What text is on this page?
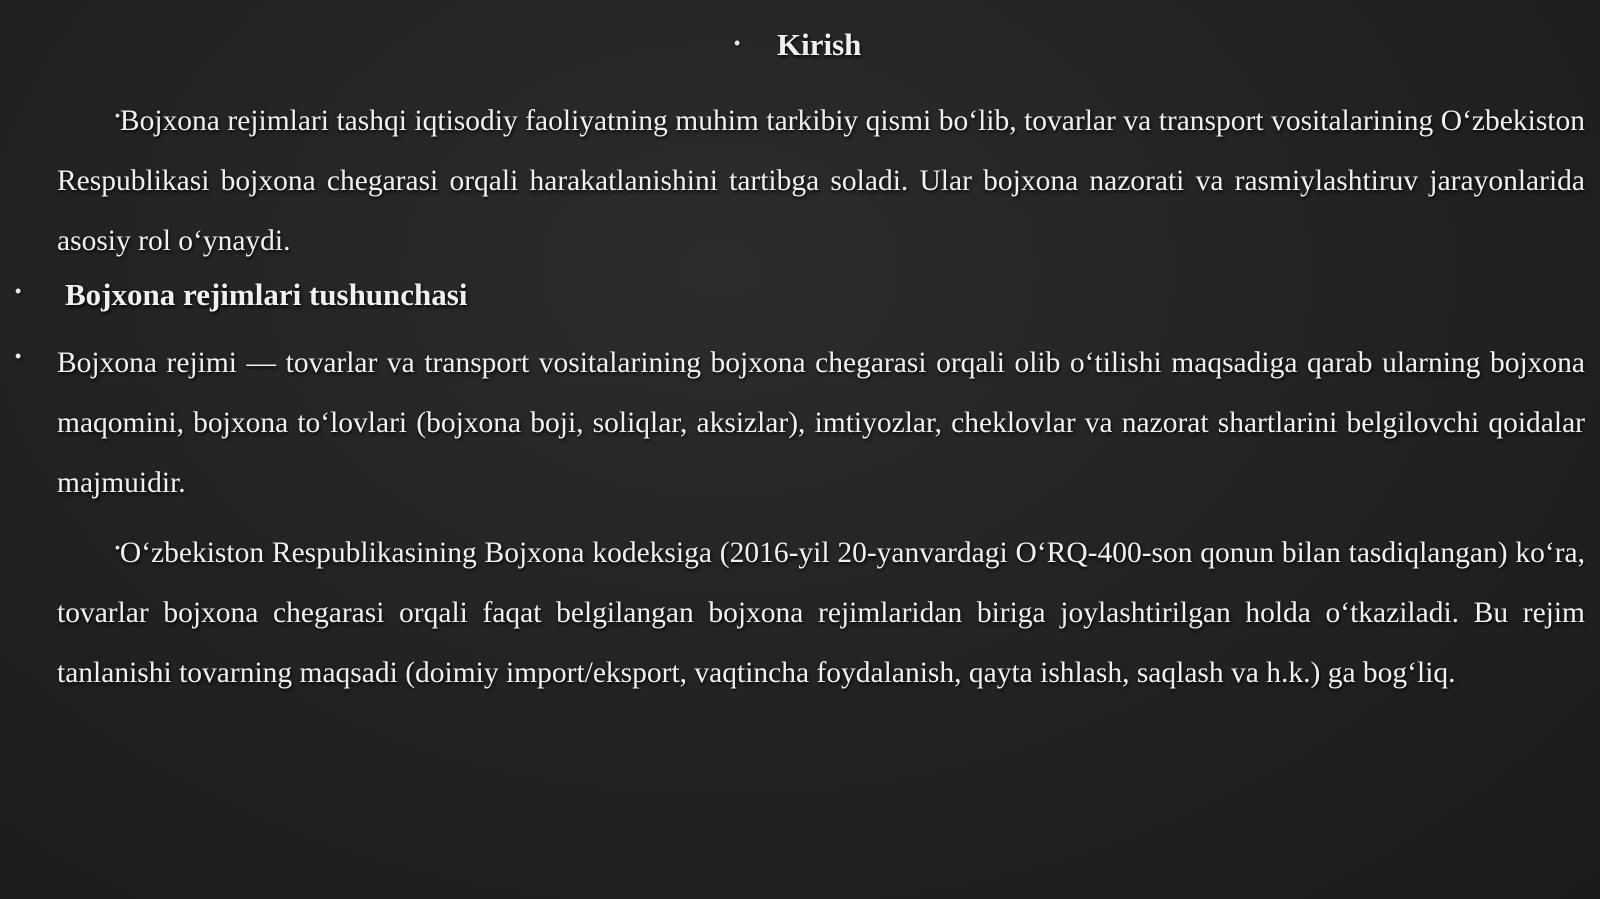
• Kirish
•Bojxona rejimlari tashqi iqtisodiy faoliyatning muhim tarkibiy qismi bo‘lib, tovarlar va transport vositalarining O‘zbekiston Respublikasi bojxona chegarasi orqali harakatlanishini tartibga soladi. Ular bojxona nazorati va rasmiylashtiruv jarayonlarida asosiy rol o‘ynaydi.
• Bojxona rejimlari tushunchasi
• Bojxona rejimi — tovarlar va transport vositalarining bojxona chegarasi orqali olib o‘tilishi maqsadiga qarab ularning bojxona maqomini, bojxona to‘lovlari (bojxona boji, soliqlar, aksizlar), imtiyozlar, cheklovlar va nazorat shartlarini belgilovchi qoidalar majmuidir.
•O‘zbekiston Respublikasining Bojxona kodeksiga (2016-yil 20-yanvardagi O‘RQ-400-son qonun bilan tasdiqlangan) ko‘ra, tovarlar bojxona chegarasi orqali faqat belgilangan bojxona rejimlaridan biriga joylashtirilgan holda o‘tkaziladi. Bu rejim tanlanishi tovarning maqsadi (doimiy import/eksport, vaqtincha foydalanish, qayta ishlash, saqlash va h.k.) ga bog‘liq.
